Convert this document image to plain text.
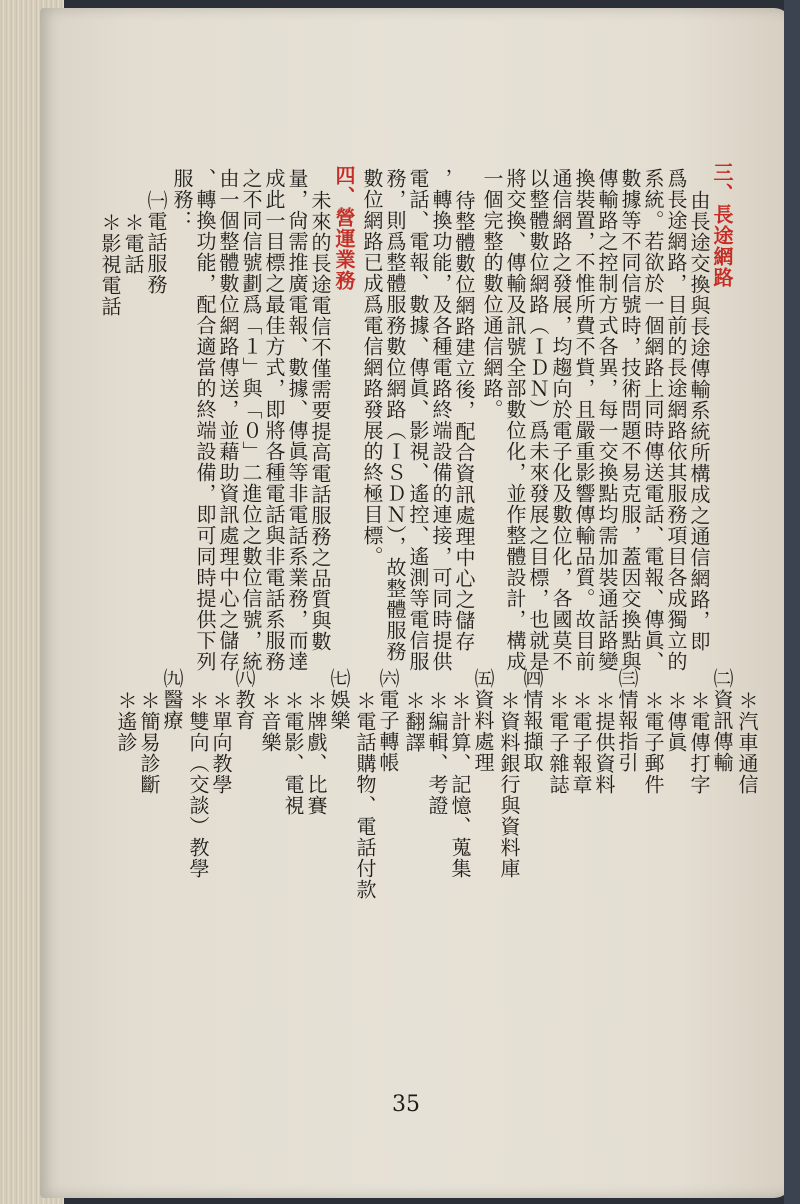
三、長途網路

由長途交換與長途傳輸系統所構成之通信網路，即

爲長途網路，目前的長途網路依其服務項目各成獨立的

系統。若欲於一個網路上同時傳送電話、電報、傳眞、

數據等不同信號時，技術問題不易克服，蓋因交換點與

傳輸路之控制方式各異，每一交換點均需加裝通話路變

換裝置，不惟所費不貲，且嚴重影響傳輸品質。故目前

通信網路之發展，均趨向於電子化及數位化，各國莫不

以整體數位網路（ＩＤＮ）爲未來發展之目標，也就是

將交換、傳輸及訊號全部數位化，並作整體設計，構成

一個完整的數位通信網路。

待整體數位網路建立後，配合資訊處理中心之儲存

，轉換功能，及各種電路終端設備的連接，可同時提供

電話、電報、數據、傳眞、影視、遙控、遙測等電信服

務，則爲整體服務數位網路（ＩＳＤＮ），故整體服務

數位網路已成爲電信網路發展的終極目標。

四、營運業務

未來的長途電信不僅需要提高電話服務之品質與數

量，尙需推廣電報、數據、傳眞等非電話系業務，而達

成此一目標之最佳方式，即將各種電話與非電話系服務

之不同信號劃爲「１」與「０」二進位之數位信號，統

由一個整體數位網路傳送，並藉助資訊處理中心之儲存

、轉換功能，配合適當的終端設備，即可同時提供下列

服務：

㈠電話服務

＊電話

＊影視電話

＊汽車通信

㈡資訊傳輸

＊電傳打字

＊傳眞

＊電子郵件

㈢情報指引

＊提供資料

＊電子報章

＊電子雜誌

㈣情報擷取

＊資料銀行與資料庫

㈤資料處理

＊計算、記憶、蒐集

＊編輯、考證

＊翻譯

㈥電子轉帳

＊電話購物、電話付款

㈦娛樂

＊牌戲、比賽

＊電影、電視

＊音樂

㈧教育

＊單向教學

＊雙向（交談）教學

㈨醫療

＊簡易診斷

＊遙診

35
